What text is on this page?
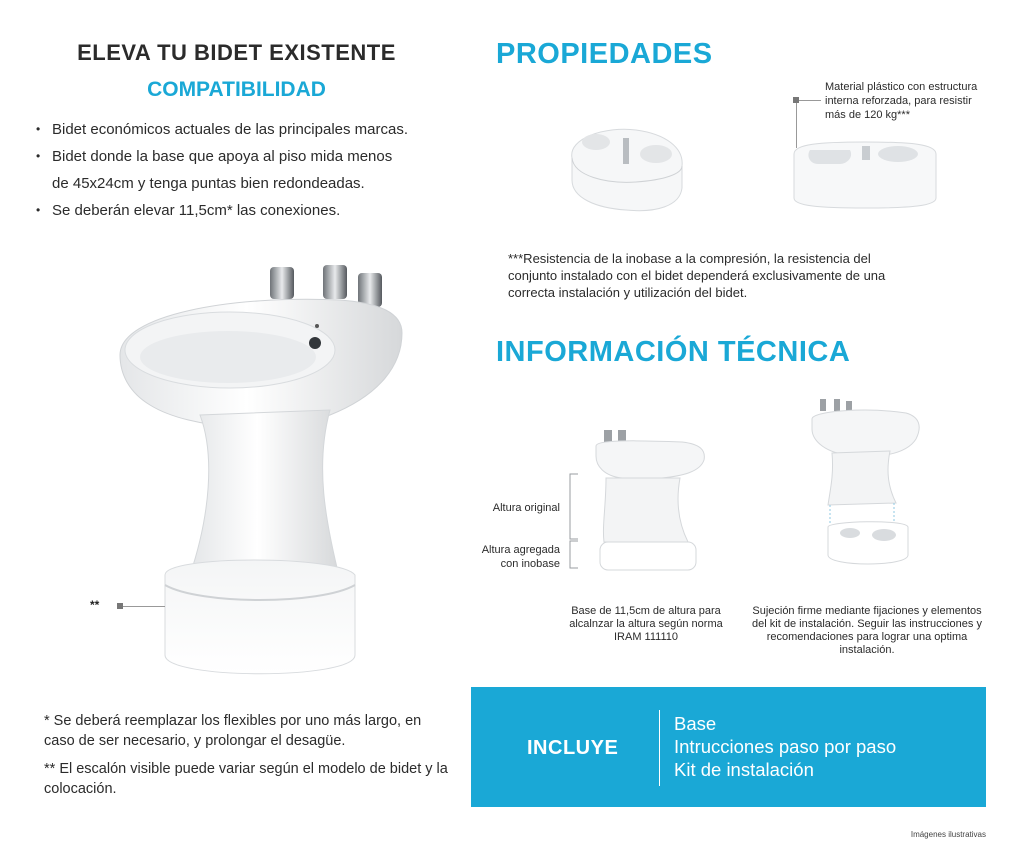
ELEVA TU BIDET EXISTENTE
COMPATIBILIDAD
• Bidet económicos actuales de las principales marcas.
• Bidet donde la base que apoya al piso mida menos
de 45x24cm y tenga puntas bien redondeadas.
• Se deberán elevar 11,5cm* las conexiones.
**
* Se deberá reemplazar los flexibles por uno más largo, en caso de ser necesario, y prolongar el desagüe.
** El escalón visible puede variar según el modelo de bidet y la colocación.
PROPIEDADES
Material plástico con estructura interna reforzada, para resistir más de 120 kg***
***Resistencia de la inobase a la compresión, la resistencia del conjunto instalado con el bidet dependerá exclusivamente de una correcta instalación y utilización del bidet.
INFORMACIÓN TÉCNICA
Altura original
Altura agregada con inobase
Base de 11,5cm de altura para alcalnzar la altura según norma IRAM 111110
Sujeción firme mediante fijaciones y elementos del kit de instalación. Seguir las instrucciones y recomendaciones para lograr una optima instalación.
INCLUYE
Base
Intrucciones paso por paso
Kit de instalación
Imágenes ilustrativas
